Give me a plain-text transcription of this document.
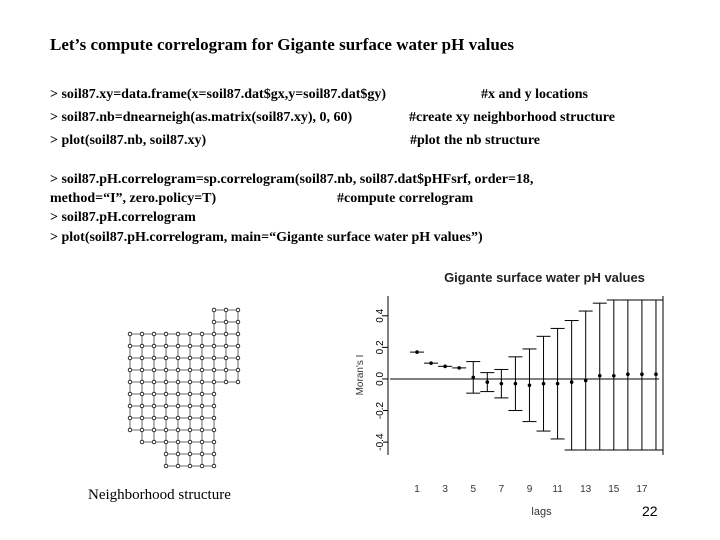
Let’s compute correlogram for Gigante surface water pH values
> soil87.xy=data.frame(x=soil87.dat$gx,y=soil87.dat$gy)	#x and y locations
> soil87.nb=dnearneigh(as.matrix(soil87.xy), 0, 60)	#create xy neighborhood structure
> plot(soil87.nb, soil87.xy)	#plot the nb structure
> soil87.pH.correlogram=sp.correlogram(soil87.nb, soil87.dat$pHFsrf, order=18,
method=“I”, zero.policy=T)	#compute correlogram
> soil87.pH.correlogram
> plot(soil87.pH.correlogram, main=“Gigante surface water pH values”)
Neighborhood structure
Gigante surface water pH values
-0.4
-0.2
0.0
0.2
0.4
Moran's I
1 3 5 7 9 11 13 15 17
lags	22
